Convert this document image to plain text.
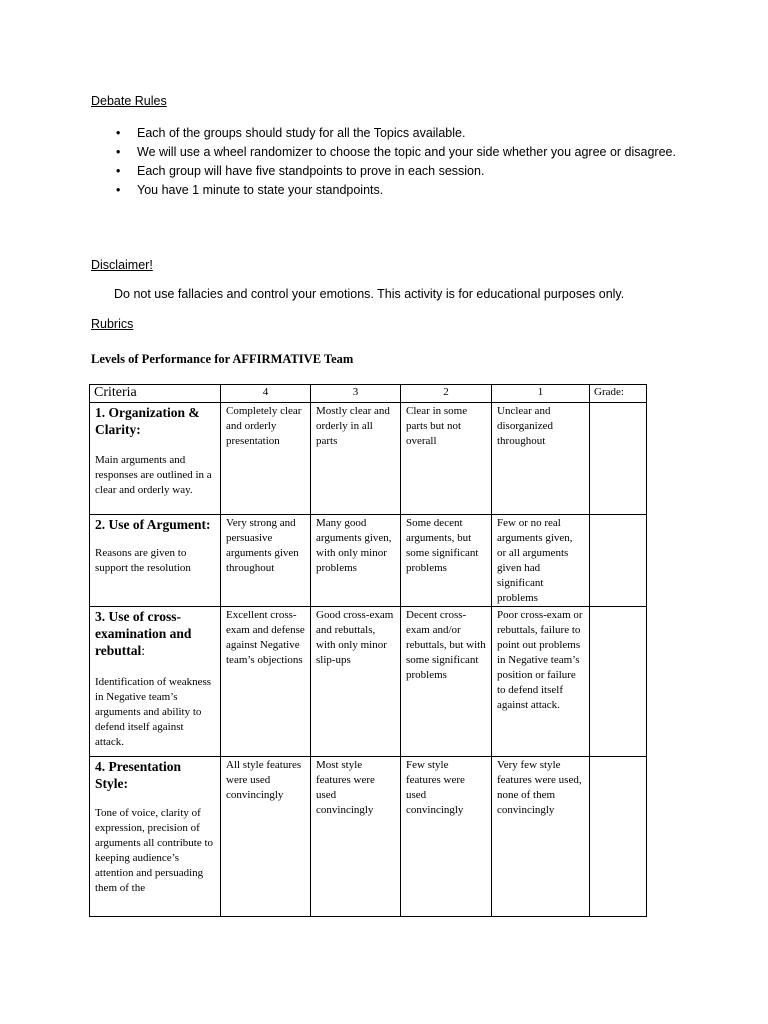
Debate Rules
• Each of the groups should study for all the Topics available.
• We will use a wheel randomizer to choose the topic and your side whether you agree or disagree.
• Each group will have five standpoints to prove in each session.
• You have 1 minute to state your standpoints.
Disclaimer!
Do not use fallacies and control your emotions. This activity is for educational purposes only.
Rubrics
Levels of Performance for AFFIRMATIVE Team
Criteria	4	3	2	1	Grade:

1. Organization & Clarity:
Main arguments and responses are outlined in a clear and orderly way.	Completely clear and orderly presentation	Mostly clear and orderly in all parts	Clear in some parts but not overall	Unclear and disorganized throughout	

2. Use of Argument:
Reasons are given to support the resolution	Very strong and persuasive arguments given throughout	Many good arguments given, with only minor problems	Some decent arguments, but some significant problems	Few or no real arguments given, or all arguments given had significant problems	

3. Use of cross-examination and rebuttal:
Identification of weakness in Negative team’s arguments and ability to defend itself against attack.	Excellent cross-exam and defense against Negative team’s objections	Good cross-exam and rebuttals, with only minor slip-ups	Decent cross-exam and/or rebuttals, but with some significant problems	Poor cross-exam or rebuttals, failure to point out problems in Negative team’s position or failure to defend itself against attack.	

4. Presentation Style:
Tone of voice, clarity of expression, precision of arguments all contribute to keeping audience’s attention and persuading them of the	All style features were used convincingly	Most style features were used convincingly	Few style features were used convincingly	Very few style features were used, none of them convincingly	
